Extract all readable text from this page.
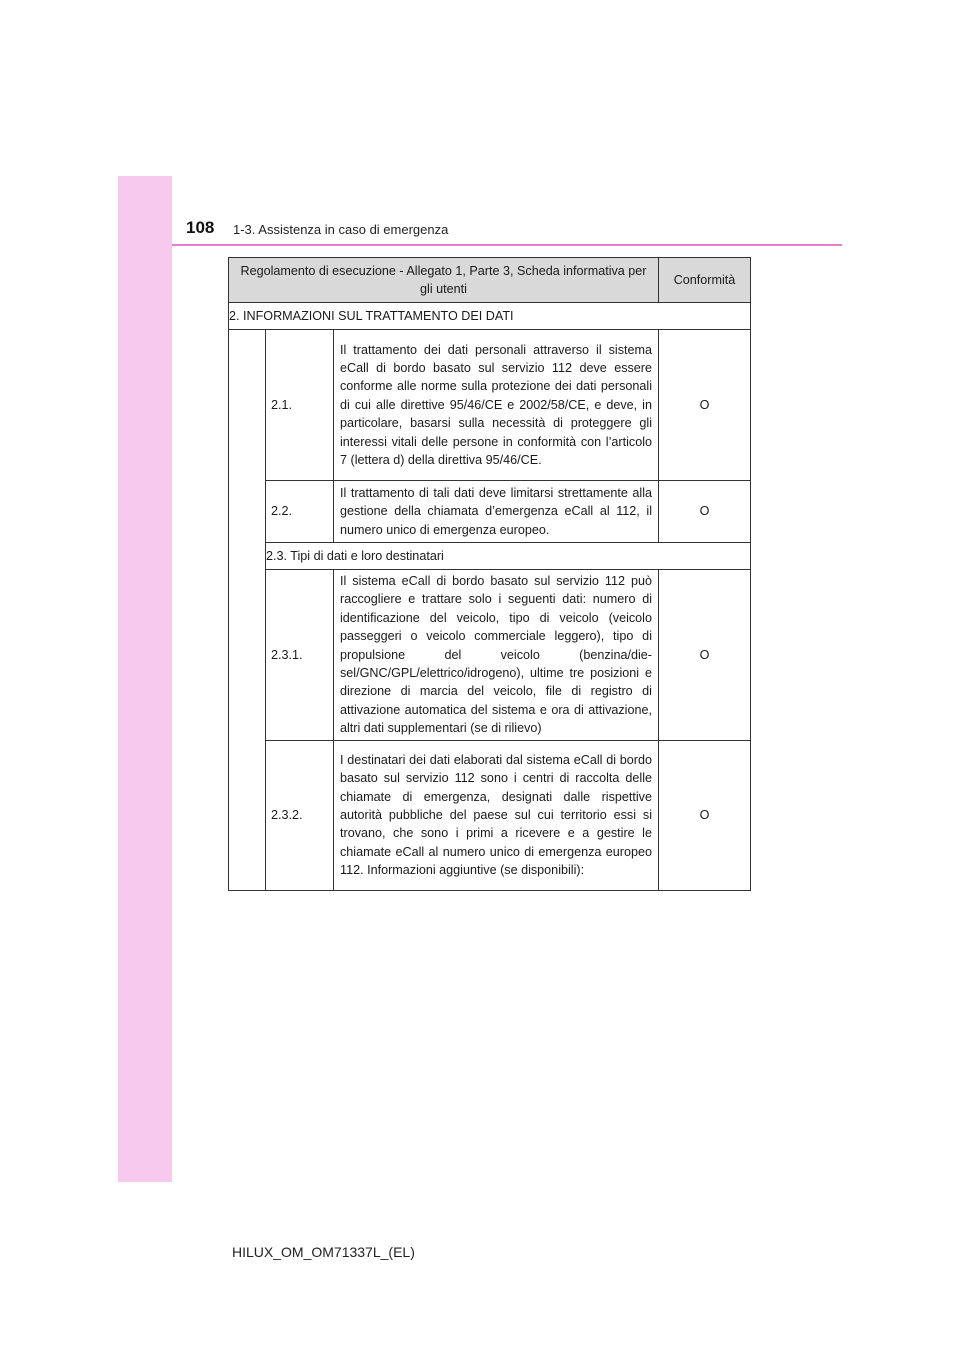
108 1-3. Assistenza in caso di emergenza
Regolamento di esecuzione - Allegato 1, Parte 3, Scheda informativa per gli utenti			Conformità
2. INFORMAZIONI SUL TRATTAMENTO DEI DATI			
	2.1.	Il trattamento dei dati personali attraverso il sistema eCall di bordo basato sul servizio 112 deve essere conforme alle norme sulla protezione dei dati personali di cui alle direttive 95/46/CE e 2002/58/CE, e deve, in particolare, basarsi sulla necessità di proteggere gli interessi vitali delle persone in conformità con l’articolo 7 (lettera d) della direttiva 95/46/CE.	O
	2.2.	Il trattamento di tali dati deve limitarsi strettamente alla gestione della chiamata d’emergenza eCall al 112, il numero unico di emergenza europeo.	O
	2.3. Tipi di dati e loro destinatari		
	2.3.1.	Il sistema eCall di bordo basato sul servizio 112 può raccogliere e trattare solo i seguenti dati: numero di identificazione del veicolo, tipo di veicolo (veicolo passeggeri o veicolo commerciale leggero), tipo di propulsione del veicolo (benzina/diesel/GNC/GPL/elettrico/idrogeno), ultime tre posizioni e direzione di marcia del veicolo, file di registro di attivazione automatica del sistema e ora di attivazione, altri dati supplementari (se di rilievo)	O
	2.3.2.	I destinatari dei dati elaborati dal sistema eCall di bordo basato sul servizio 112 sono i centri di raccolta delle chiamate di emergenza, designati dalle rispettive autorità pubbliche del paese sul cui territorio essi si trovano, che sono i primi a ricevere e a gestire le chiamate eCall al numero unico di emergenza europeo 112. Informazioni aggiuntive (se disponibili):	O
HILUX_OM_OM71337L_(EL)
